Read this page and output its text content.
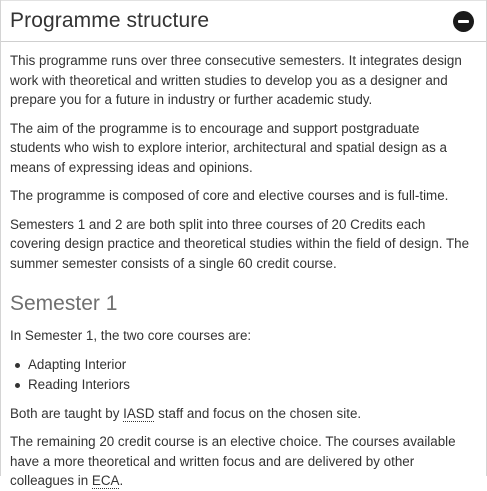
Programme structure

This programme runs over three consecutive semesters. It integrates design work with theoretical and written studies to develop you as a designer and prepare you for a future in industry or further academic study.

The aim of the programme is to encourage and support postgraduate students who wish to explore interior, architectural and spatial design as a means of expressing ideas and opinions.

The programme is composed of core and elective courses and is full-time.

Semesters 1 and 2 are both split into three courses of 20 Credits each covering design practice and theoretical studies within the field of design. The summer semester consists of a single 60 credit course.

Semester 1

In Semester 1, the two core courses are:

Adapting Interior
Reading Interiors

Both are taught by IASD staff and focus on the chosen site.

The remaining 20 credit course is an elective choice. The courses available have a more theoretical and written focus and are delivered by other colleagues in ECA.
